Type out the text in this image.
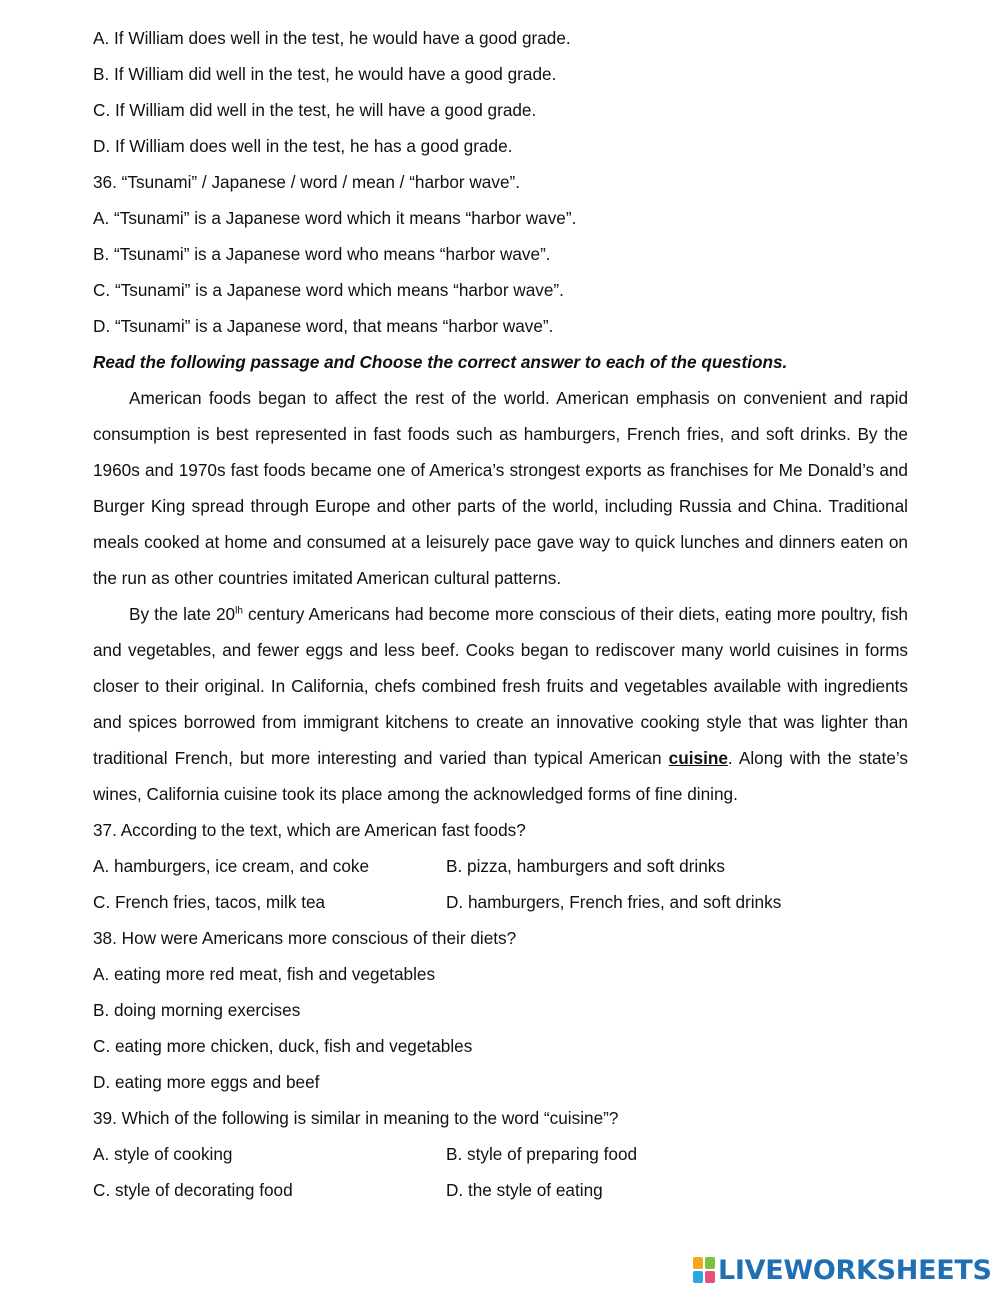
A. If William does well in the test, he would have a good grade.
B. If William did well in the test, he would have a good grade.
C. If William did well in the test, he will have a good grade.
D. If William does well in the test, he has a good grade.
36. “Tsunami” / Japanese / word / mean / “harbor wave”.
A. “Tsunami” is a Japanese word which it means “harbor wave”.
B. “Tsunami” is a Japanese word who means “harbor wave”.
C. “Tsunami” is a Japanese word which means “harbor wave”.
D. “Tsunami” is a Japanese word, that means “harbor wave”.
Read the following passage and Choose the correct answer to each of the questions.

American foods began to affect the rest of the world. American emphasis on convenient and rapid consumption is best represented in fast foods such as hamburgers, French fries, and soft drinks. By the 1960s and 1970s fast foods became one of America’s strongest exports as franchises for Me Donald’s and Burger King spread through Europe and other parts of the world, including Russia and China. Traditional meals cooked at home and consumed at a leisurely pace gave way to quick lunches and dinners eaten on the run as other countries imitated American cultural patterns.

By the late $20^{lh}$ century Americans had become more conscious of their diets, eating more poultry, fish and vegetables, and fewer eggs and less beef. Cooks began to rediscover many world cuisines in forms closer to their original. In California, chefs combined fresh fruits and vegetables available with ingredients and spices borrowed from immigrant kitchens to create an innovative cooking style that was lighter than traditional French, but more interesting and varied than typical American cuisine. Along with the state’s wines, California cuisine took its place among the acknowledged forms of fine dining.

37. According to the text, which are American fast foods?
A. hamburgers, ice cream, and coke	B. pizza, hamburgers and soft drinks
C. French fries, tacos, milk tea	D. hamburgers, French fries, and soft drinks
38. How were Americans more conscious of their diets?
A. eating more red meat, fish and vegetables
B. doing morning exercises
C. eating more chicken, duck, fish and vegetables
D. eating more eggs and beef
39. Which of the following is similar in meaning to the word “cuisine”?
A. style of cooking	B. style of preparing food
C. style of decorating food	D. the style of eating
LIVEWORKSHEETS
